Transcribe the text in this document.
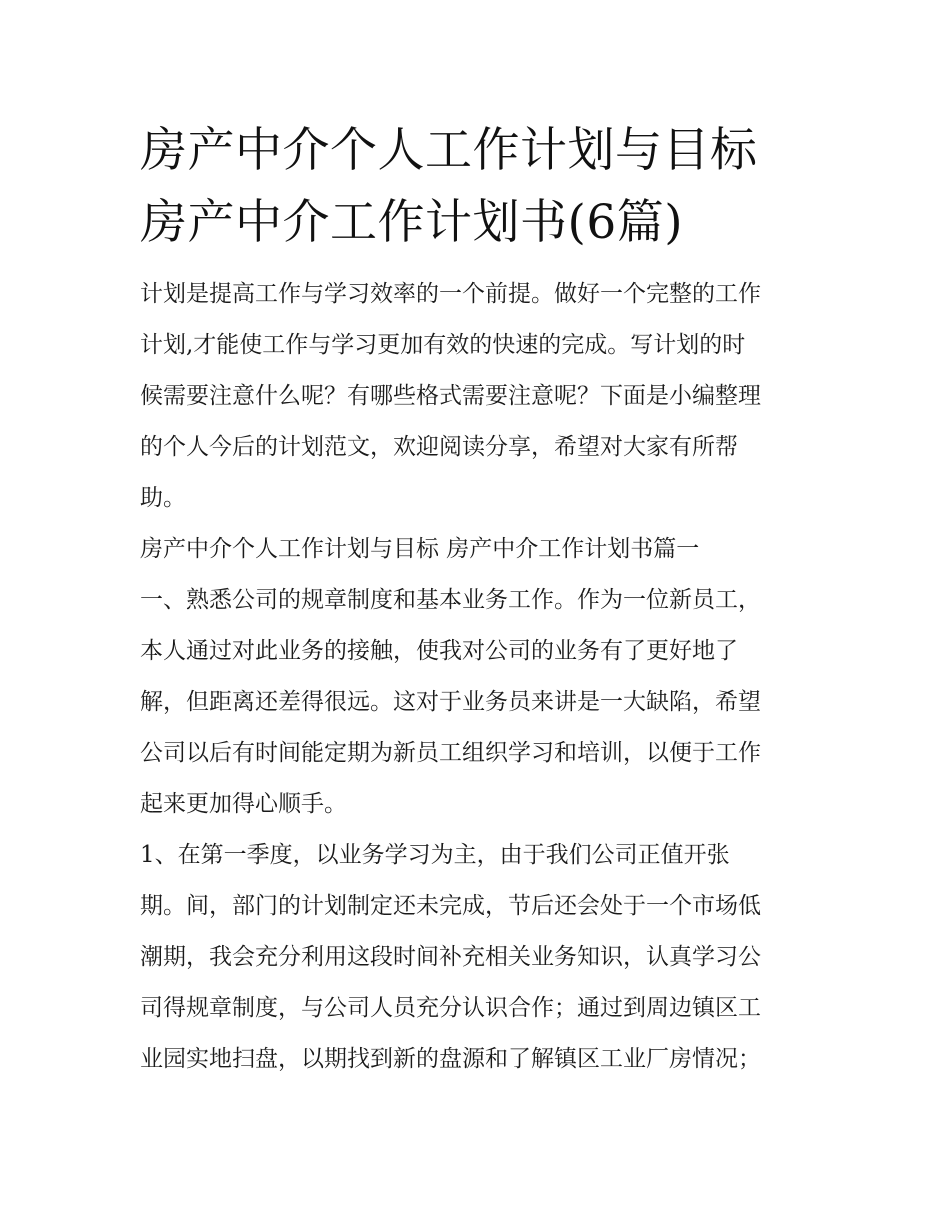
房产中介个人工作计划与目标
房产中介工作计划书(6篇)

计划是提高工作与学习效率的一个前提。做好一个完整的工作
计划,才能使工作与学习更加有效的快速的完成。写计划的时
候需要注意什么呢？有哪些格式需要注意呢？下面是小编整理
的个人今后的计划范文，欢迎阅读分享，希望对大家有所帮
助。

房产中介个人工作计划与目标 房产中介工作计划书篇一

一、熟悉公司的规章制度和基本业务工作。作为一位新员工，
本人通过对此业务的接触，使我对公司的业务有了更好地了
解，但距离还差得很远。这对于业务员来讲是一大缺陷，希望
公司以后有时间能定期为新员工组织学习和培训，以便于工作
起来更加得心顺手。

1、在第一季度，以业务学习为主，由于我们公司正值开张
期。间，部门的计划制定还未完成，节后还会处于一个市场低
潮期，我会充分利用这段时间补充相关业务知识，认真学习公
司得规章制度，与公司人员充分认识合作；通过到周边镇区工
业园实地扫盘，以期找到新的盘源和了解镇区工业厂房情况；
